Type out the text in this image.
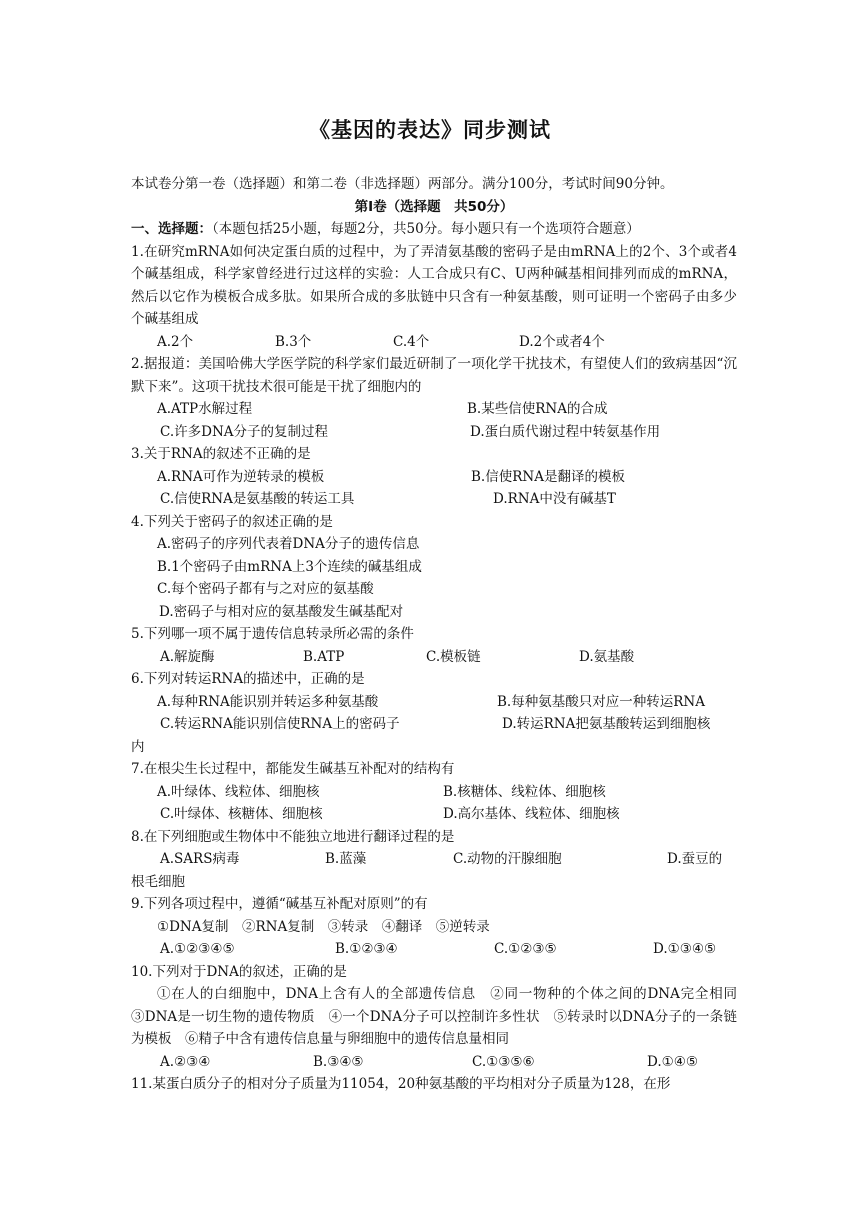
《基因的表达》同步测试
本试卷分第一卷（选择题）和第二卷（非选择题）两部分。满分100分，考试时间90分钟。
第Ⅰ卷（选择题　共50分）
一、选择题：（本题包括25小题，每题2分，共50分。每小题只有一个选项符合题意）
1.在研究mRNA如何决定蛋白质的过程中，为了弄清氨基酸的密码子是由mRNA上的2个、3个或者4个碱基组成，科学家曾经进行过这样的实验：人工合成只有C、U两种碱基相间排列而成的mRNA，然后以它作为模板合成多肽。如果所合成的多肽链中只含有一种氨基酸，则可证明一个密码子由多少个碱基组成
A.2个	B.3个	C.4个	D.2个或者4个
2.据报道：美国哈佛大学医学院的科学家们最近研制了一项化学干扰技术，有望使人们的致病基因“沉默下来”。这项干扰技术很可能是干扰了细胞内的
A.ATP水解过程	B.某些信使RNA的合成
C.许多DNA分子的复制过程	D.蛋白质代谢过程中转氨基作用
3.关于RNA的叙述不正确的是
A.RNA可作为逆转录的模板	B.信使RNA是翻译的模板
C.信使RNA是氨基酸的转运工具	D.RNA中没有碱基T
4.下列关于密码子的叙述正确的是
A.密码子的序列代表着DNA分子的遗传信息
B.1个密码子由mRNA上3个连续的碱基组成
C.每个密码子都有与之对应的氨基酸
D.密码子与相对应的氨基酸发生碱基配对
5.下列哪一项不属于遗传信息转录所必需的条件
A.解旋酶	B.ATP	C.模板链	D.氨基酸
6.下列对转运RNA的描述中，正确的是
A.每种RNA能识别并转运多种氨基酸	B.每种氨基酸只对应一种转运RNA
C.转运RNA能识别信使RNA上的密码子	D.转运RNA把氨基酸转运到细胞核
内
7.在根尖生长过程中，都能发生碱基互补配对的结构有
A.叶绿体、线粒体、细胞核	B.核糖体、线粒体、细胞核
C.叶绿体、核糖体、细胞核	D.高尔基体、线粒体、细胞核
8.在下列细胞或生物体中不能独立地进行翻译过程的是
A.SARS病毒	B.蓝藻	C.动物的汗腺细胞	D.蚕豆的
根毛细胞
9.下列各项过程中，遵循“碱基互补配对原则”的有
①DNA复制　②RNA复制　③转录　④翻译　⑤逆转录
A.①②③④⑤	B.①②③④	C.①②③⑤	D.①③④⑤
10.下列对于DNA的叙述，正确的是
①在人的白细胞中，DNA上含有人的全部遗传信息　②同一物种的个体之间的DNA完全相同　③DNA是一切生物的遗传物质　④一个DNA分子可以控制许多性状　⑤转录时以DNA分子的一条链为模板　⑥精子中含有遗传信息量与卵细胞中的遗传信息量相同
A.②③④	B.③④⑤	C.①③⑤⑥	D.①④⑤
11.某蛋白质分子的相对分子质量为11054，20种氨基酸的平均相对分子质量为128，在形
